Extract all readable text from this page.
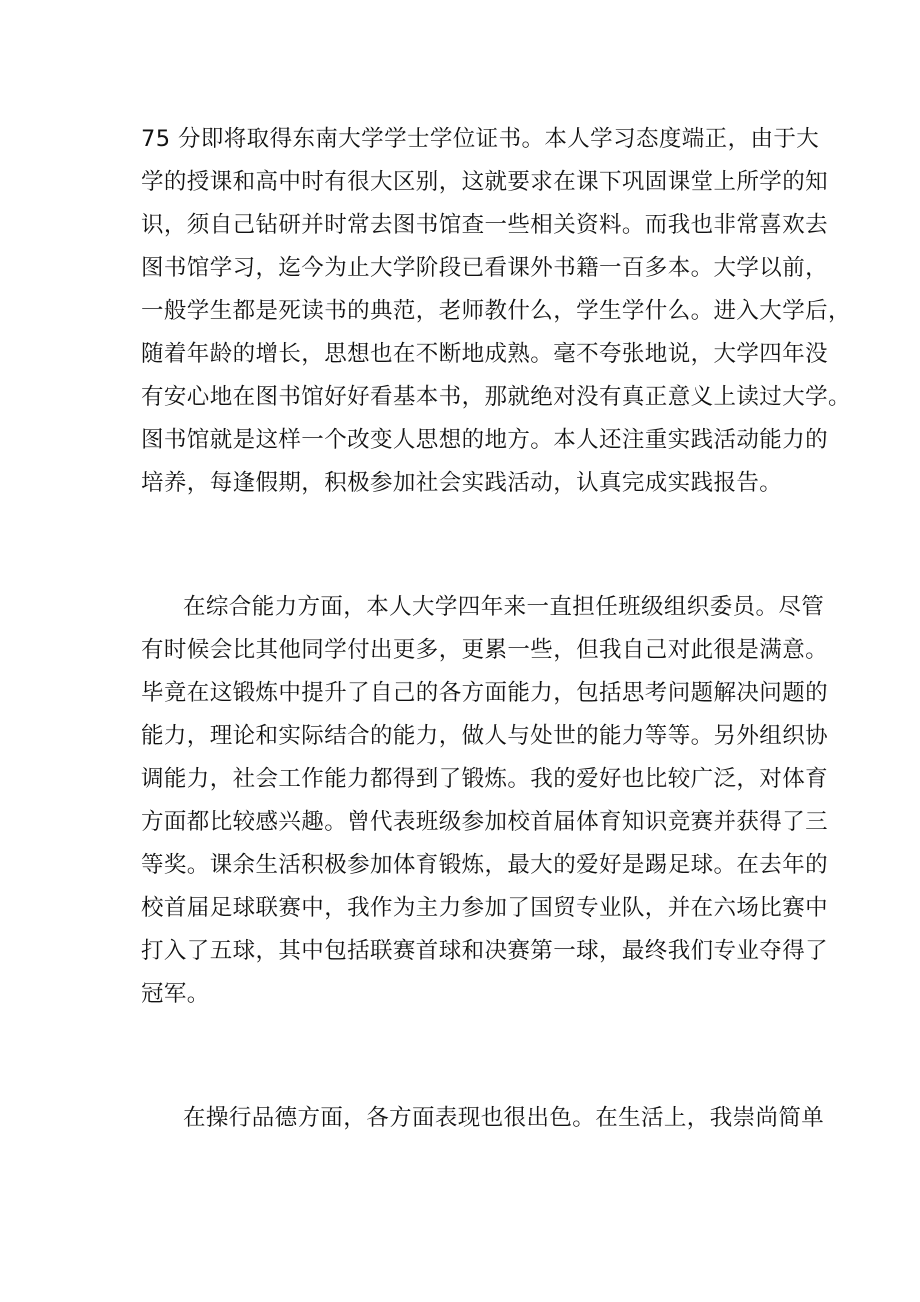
75 分即将取得东南大学学士学位证书。本人学习态度端正，由于大
学的授课和高中时有很大区别，这就要求在课下巩固课堂上所学的知
识，须自己钻研并时常去图书馆查一些相关资料。而我也非常喜欢去
图书馆学习，迄今为止大学阶段已看课外书籍一百多本。大学以前，
一般学生都是死读书的典范，老师教什么，学生学什么。进入大学后，
随着年龄的增长，思想也在不断地成熟。毫不夸张地说，大学四年没
有安心地在图书馆好好看基本书，那就绝对没有真正意义上读过大学。
图书馆就是这样一个改变人思想的地方。本人还注重实践活动能力的
培养，每逢假期，积极参加社会实践活动，认真完成实践报告。
在综合能力方面，本人大学四年来一直担任班级组织委员。尽管
有时候会比其他同学付出更多，更累一些，但我自己对此很是满意。
毕竟在这锻炼中提升了自己的各方面能力，包括思考问题解决问题的
能力，理论和实际结合的能力，做人与处世的能力等等。另外组织协
调能力，社会工作能力都得到了锻炼。我的爱好也比较广泛，对体育
方面都比较感兴趣。曾代表班级参加校首届体育知识竞赛并获得了三
等奖。课余生活积极参加体育锻炼，最大的爱好是踢足球。在去年的
校首届足球联赛中，我作为主力参加了国贸专业队，并在六场比赛中
打入了五球，其中包括联赛首球和决赛第一球，最终我们专业夺得了
冠军。
在操行品德方面，各方面表现也很出色。在生活上，我崇尚简单
